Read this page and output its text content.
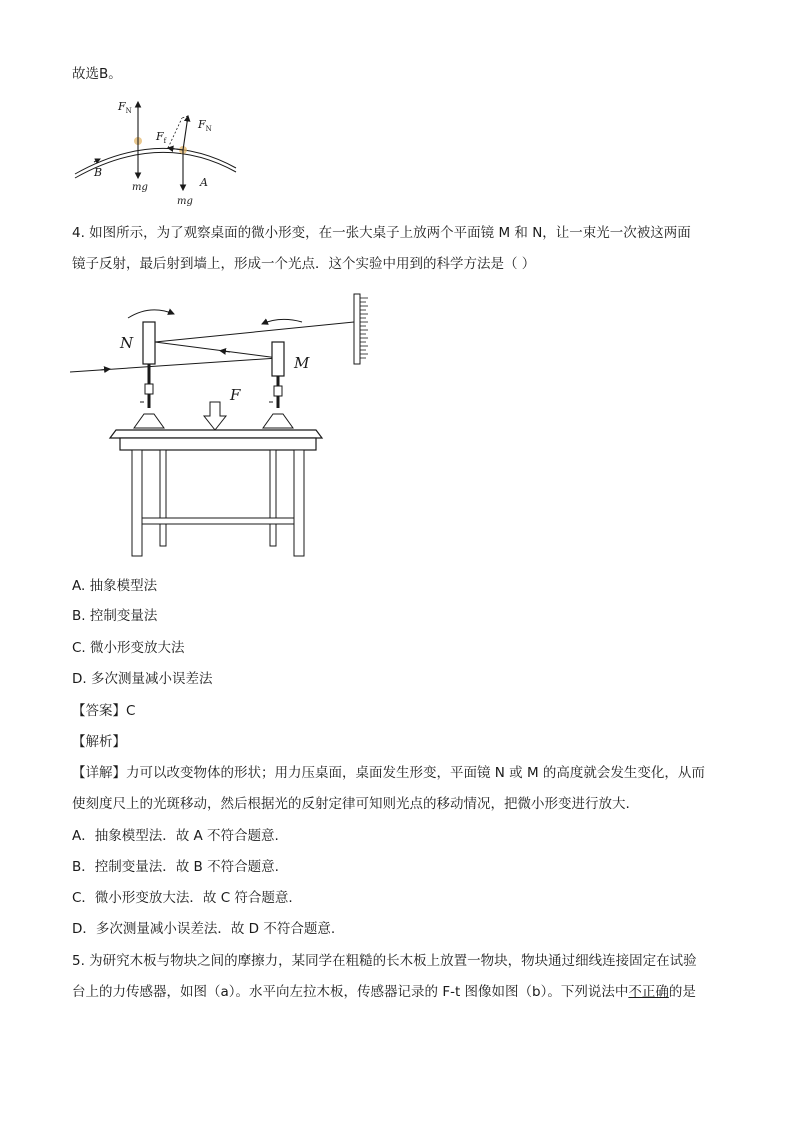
故选B。
$F_N$
$F_f$
$F_N$
B
A
mg
mg
4. 如图所示，为了观察桌面的微小形变，在一张大桌子上放两个平面镜 M 和 N，让一束光一次被这两面
镜子反射，最后射到墙上，形成一个光点．这个实验中用到的科学方法是（ ）
N
M
F
A. 抽象模型法
B. 控制变量法
C. 微小形变放大法
D. 多次测量减小误差法
【答案】C
【解析】
【详解】力可以改变物体的形状；用力压桌面，桌面发生形变，平面镜 N 或 M 的高度就会发生变化，从而
使刻度尺上的光斑移动，然后根据光的反射定律可知则光点的移动情况，把微小形变进行放大.
A．抽象模型法．故 A 不符合题意.
B．控制变量法．故 B 不符合题意.
C．微小形变放大法．故 C 符合题意.
D．多次测量减小误差法．故 D 不符合题意.
5. 为研究木板与物块之间的摩擦力，某同学在粗糙的长木板上放置一物块，物块通过细线连接固定在试验
台上的力传感器，如图（a）。水平向左拉木板，传感器记录的 F-t 图像如图（b）。下列说法中不正确的是
